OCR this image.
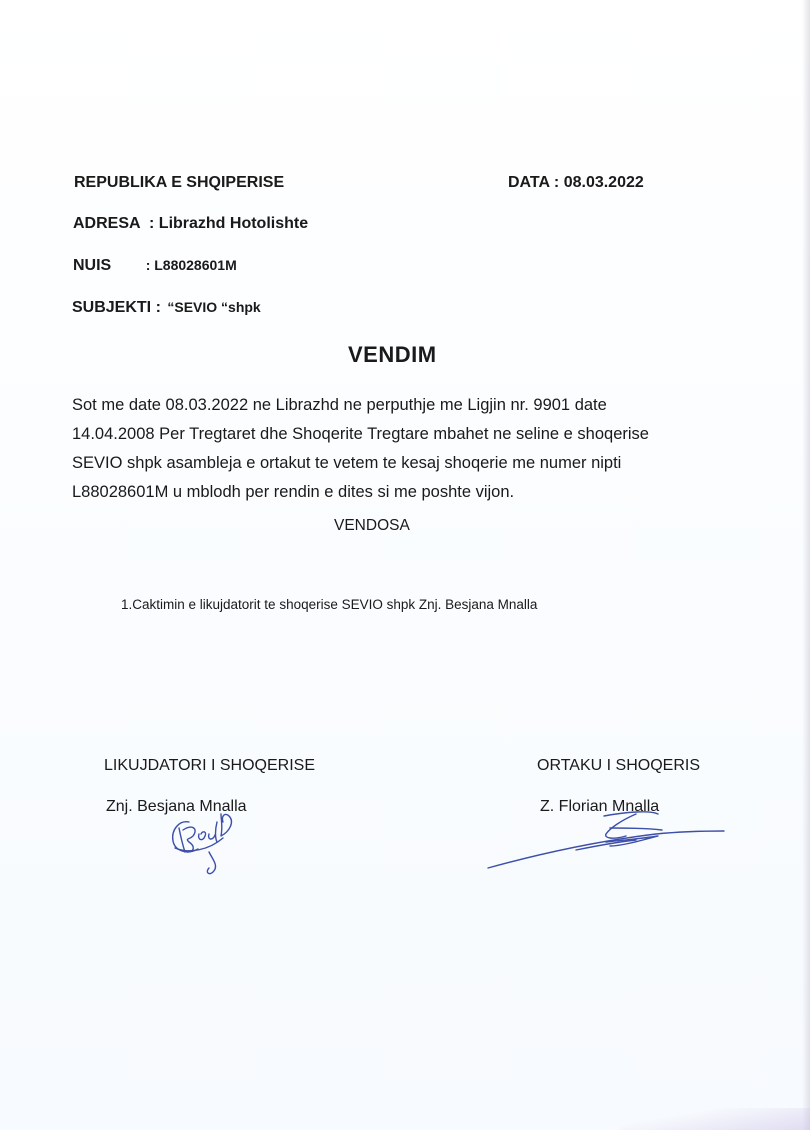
REPUBLIKA E SHQIPERISE	DATA : 08.03.2022
ADRESA : Librazhd Hotolishte
NUIS : L88028601M
SUBJEKTI : “SEVIO “shpk
VENDIM
Sot me date 08.03.2022 ne Librazhd ne perputhje me Ligjin nr. 9901 date
14.04.2008 Per Tregtaret dhe Shoqerite Tregtare mbahet ne seline e shoqerise
SEVIO shpk asambleja e ortakut te vetem te kesaj shoqerie me numer nipti
L88028601M u mblodh per rendin e dites si me poshte vijon.
VENDOSA
1.Caktimin e likujdatorit te shoqerise SEVIO shpk Znj. Besjana Mnalla
LIKUJDATORI I SHOQERISE
Znj. Besjana Mnalla
ORTAKU I SHOQERIS
Z. Florian Mnalla
